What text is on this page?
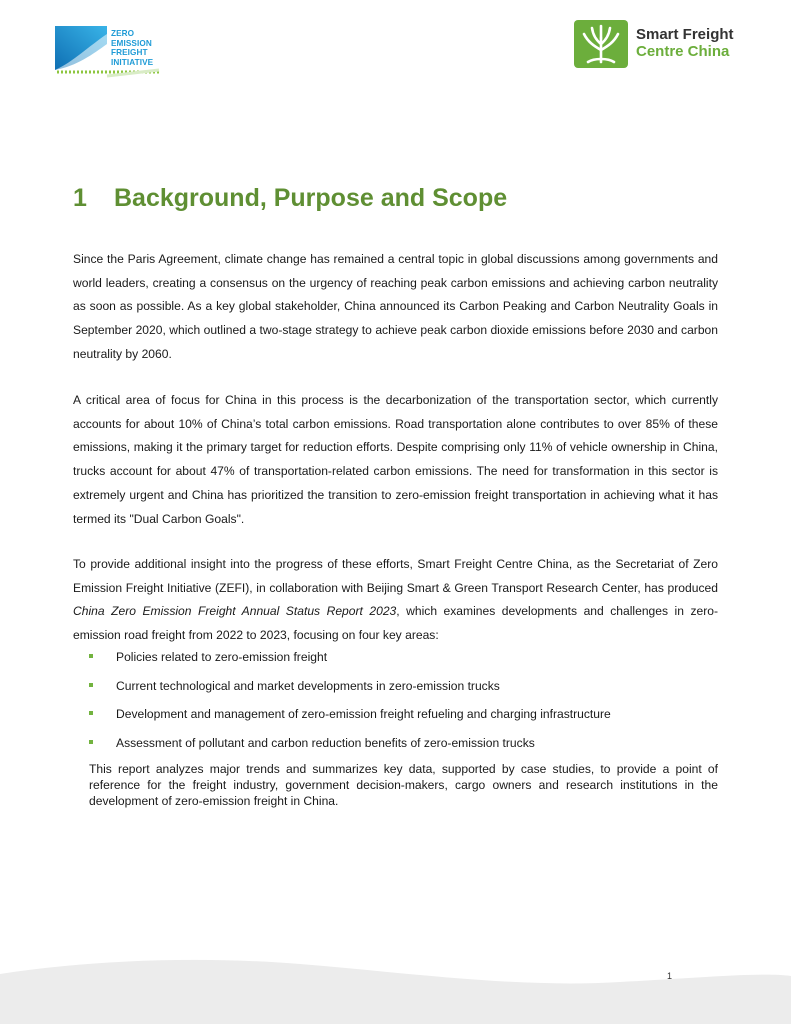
ZERO
EMISSION
FREIGHT
INITIATIVE
Smart Freight
Centre China
1 Background, Purpose and Scope
Since the Paris Agreement, climate change has remained a central topic in global discussions among governments and world leaders, creating a consensus on the urgency of reaching peak carbon emissions and achieving carbon neutrality as soon as possible. As a key global stakeholder, China announced its Carbon Peaking and Carbon Neutrality Goals in September 2020, which outlined a two-stage strategy to achieve peak carbon dioxide emissions before 2030 and carbon neutrality by 2060.
A critical area of focus for China in this process is the decarbonization of the transportation sector, which currently accounts for about 10% of China’s total carbon emissions. Road transportation alone contributes to over 85% of these emissions, making it the primary target for reduction efforts. Despite comprising only 11% of vehicle ownership in China, trucks account for about 47% of transportation-related carbon emissions. The need for transformation in this sector is extremely urgent and China has prioritized the transition to zero-emission freight transportation in achieving what it has termed its "Dual Carbon Goals".
To provide additional insight into the progress of these efforts, Smart Freight Centre China, as the Secretariat of Zero Emission Freight Initiative (ZEFI), in collaboration with Beijing Smart & Green Transport Research Center, has produced China Zero Emission Freight Annual Status Report 2023, which examines developments and challenges in zero-emission road freight from 2022 to 2023, focusing on four key areas:
Policies related to zero-emission freight
Current technological and market developments in zero-emission trucks
Development and management of zero-emission freight refueling and charging infrastructure
Assessment of pollutant and carbon reduction benefits of zero-emission trucks
This report analyzes major trends and summarizes key data, supported by case studies, to provide a point of reference for the freight industry, government decision-makers, cargo owners and research institutions in the development of zero-emission freight in China.
1
